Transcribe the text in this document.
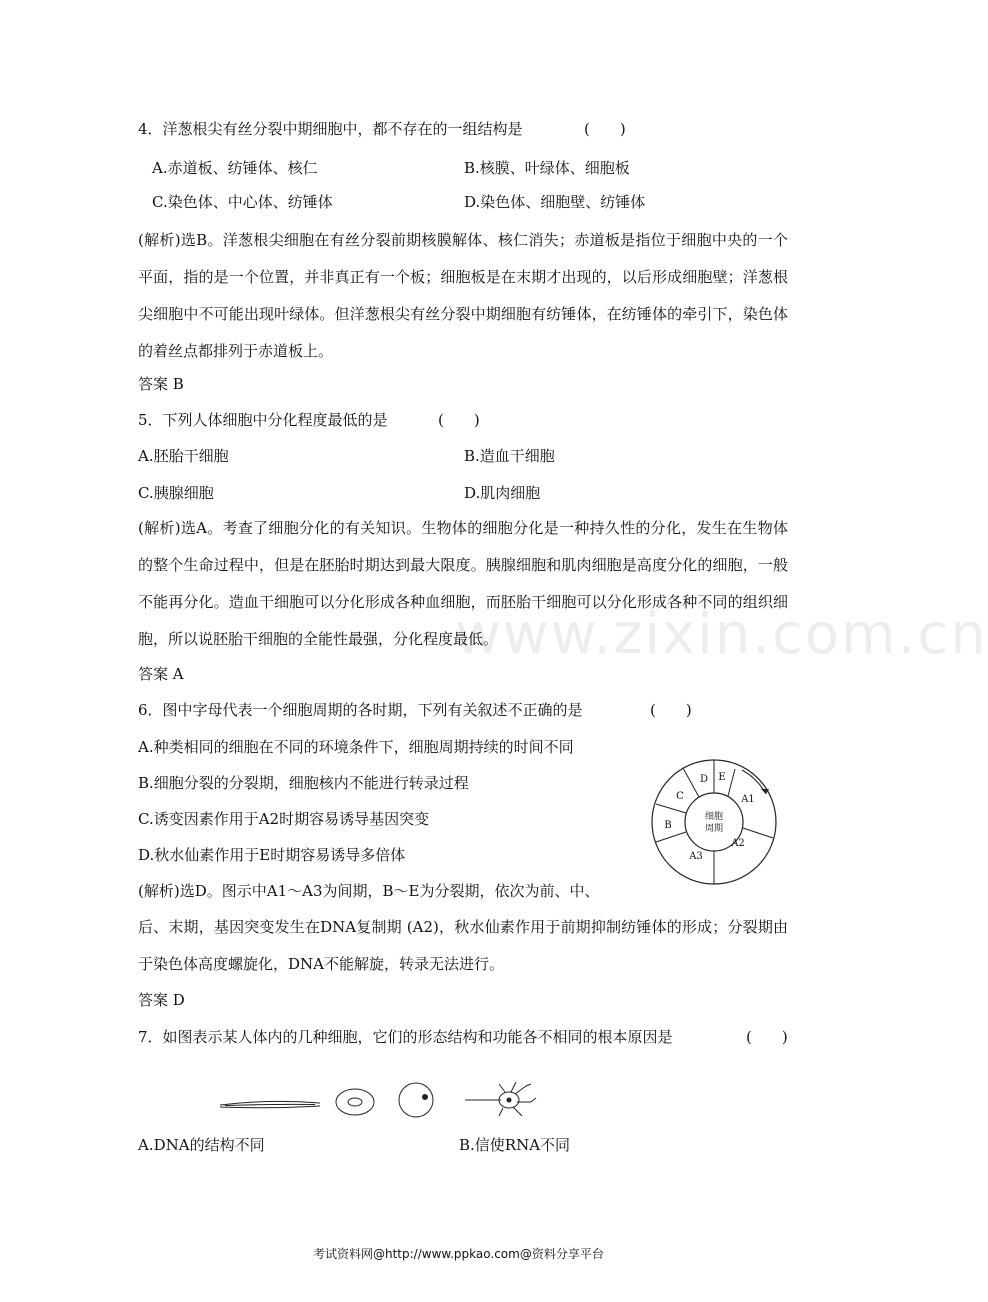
www.zixin.com.cn
4．洋葱根尖有丝分裂中期细胞中，都不存在的一组结构是	(　　)
A.赤道板、纺锤体、核仁	B.核膜、叶绿体、细胞板
C.染色体、中心体、纺锤体	D.染色体、细胞壁、纺锤体
(解析)选B。洋葱根尖细胞在有丝分裂前期核膜解体、核仁消失；赤道板是指位于细胞中央的一个平面，指的是一个位置，并非真正有一个板；细胞板是在末期才出现的，以后形成细胞壁；洋葱根尖细胞中不可能出现叶绿体。但洋葱根尖有丝分裂中期细胞有纺锤体，在纺锤体的牵引下，染色体的着丝点都排列于赤道板上。
答案 B
5．下列人体细胞中分化程度最低的是	(　　)
A.胚胎干细胞	B.造血干细胞
C.胰腺细胞	D.肌肉细胞
(解析)选A。考查了细胞分化的有关知识。生物体的细胞分化是一种持久性的分化，发生在生物体的整个生命过程中，但是在胚胎时期达到最大限度。胰腺细胞和肌肉细胞是高度分化的细胞，一般不能再分化。造血干细胞可以分化形成各种血细胞，而胚胎干细胞可以分化形成各种不同的组织细胞，所以说胚胎干细胞的全能性最强，分化程度最低。
答案 A
6．图中字母代表一个细胞周期的各时期，下列有关叙述不正确的是	(　　)
A.种类相同的细胞在不同的环境条件下，细胞周期持续的时间不同
B.细胞分裂的分裂期，细胞核内不能进行转录过程
C.诱变因素作用于A2时期容易诱导基因突变
D.秋水仙素作用于E时期容易诱导多倍体
(解析)选D。图示中A1～A3为间期，B～E为分裂期，依次为前、中、
后、末期，基因突变发生在DNA复制期 (A2)，秋水仙素作用于前期抑制纺锤体的形成；分裂期由于染色体高度螺旋化，DNA不能解旋，转录无法进行。
答案 D
D E
A1
A2
A3
B
C
细胞
周期
7．如图表示某人体内的几种细胞，它们的形态结构和功能各不相同的根本原因是	(　　)
A.DNA的结构不同	B.信使RNA不同
考试资料网@http://www.ppkao.com@资料分享平台
